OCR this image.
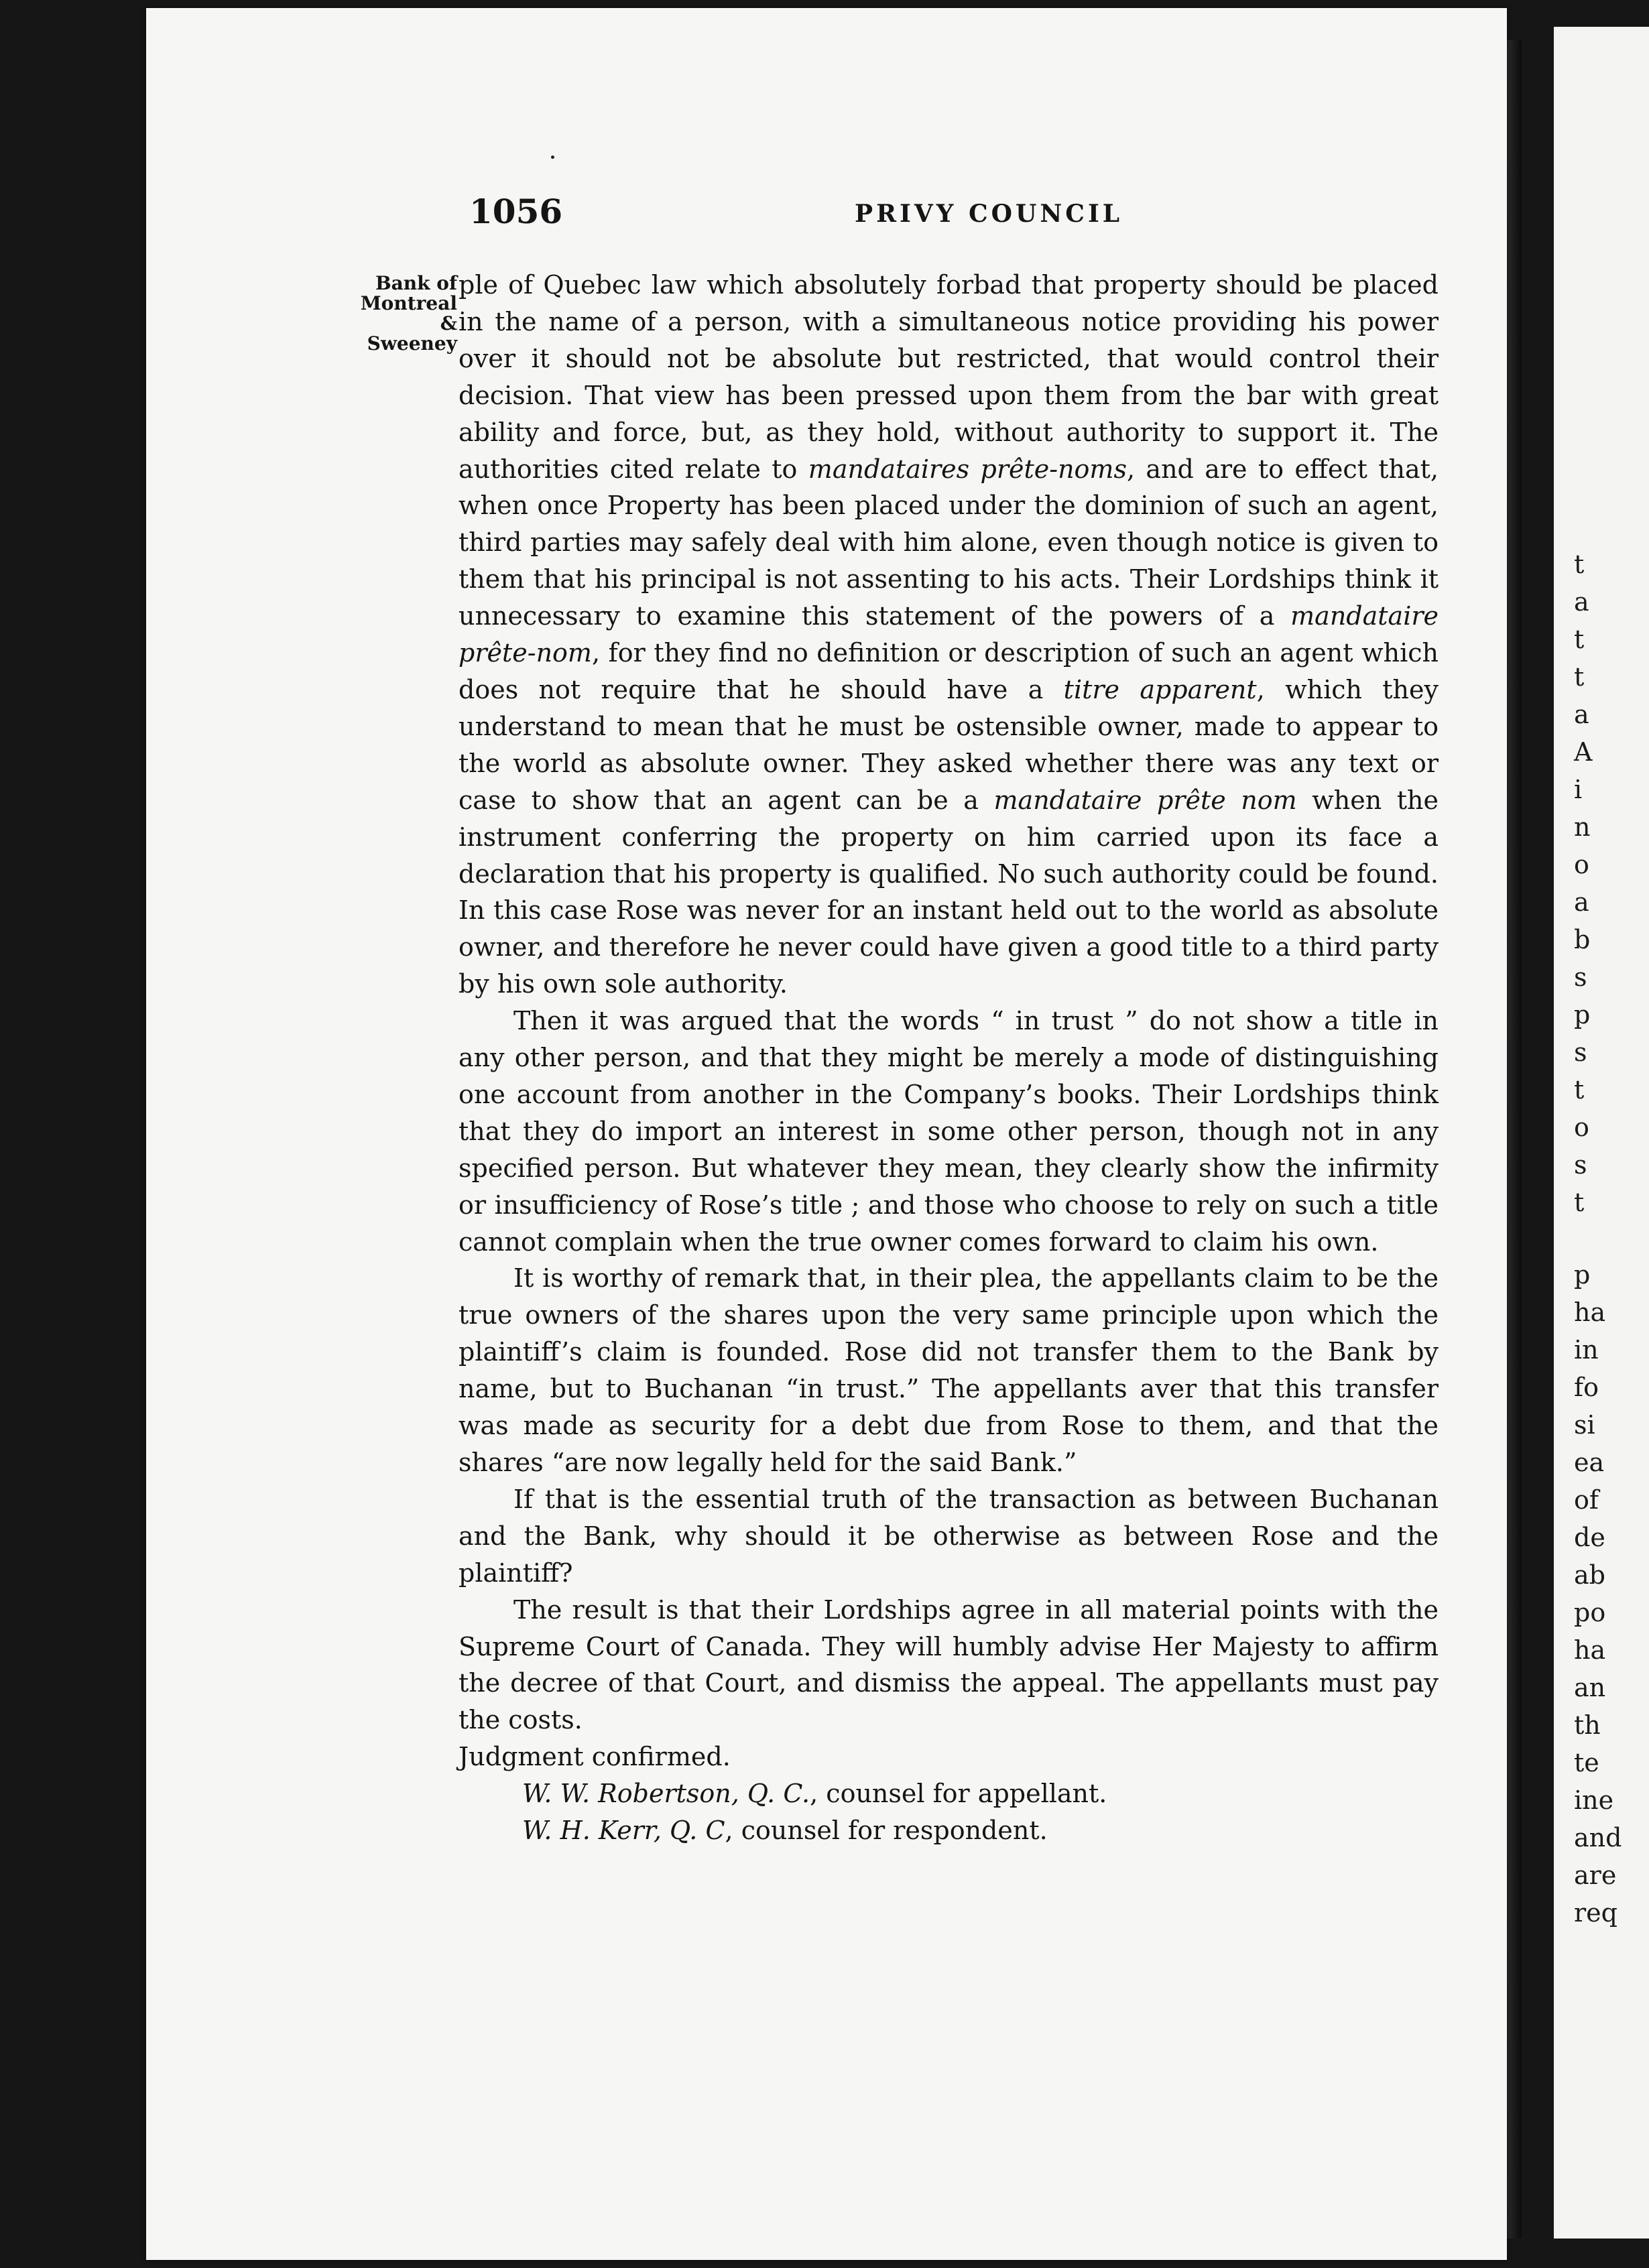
t
a
t
t
a
A
i
n
o
a
b
s
p
s
t
o
s
t
p
ha
in
fo
si
ea
of
de
ab
po
ha
an
th
te
ine
and
are
req
1056	PRIVY COUNCIL
Bank of
Montreal
&
Sweeney

ple of Quebec law which absolutely forbad that property should be placed in the name of a person, with a simultaneous notice providing his power over it should not be absolute but restricted, that would control their decision. That view has been pressed upon them from the bar with great ability and force, but, as they hold, without authority to support it. The authorities cited relate to mandataires prête-noms, and are to effect that, when once Property has been placed under the dominion of such an agent, third parties may safely deal with him alone, even though notice is given to them that his principal is not assenting to his acts. Their Lordships think it unnecessary to examine this statement of the powers of a mandataire prête-nom, for they find no definition or description of such an agent which does not require that he should have a titre apparent, which they understand to mean that he must be ostensible owner, made to appear to the world as absolute owner. They asked whether there was any text or case to show that an agent can be a mandataire prête nom when the instrument conferring the property on him carried upon its face a declaration that his property is qualified. No such authority could be found. In this case Rose was never for an instant held out to the world as absolute owner, and therefore he never could have given a good title to a third party by his own sole authority.

Then it was argued that the words “ in trust ” do not show a title in any other person, and that they might be merely a mode of distinguishing one account from another in the Company’s books. Their Lordships think that they do import an interest in some other person, though not in any specified person. But whatever they mean, they clearly show the infirmity or insufficiency of Rose’s title ; and those who choose to rely on such a title cannot complain when the true owner comes forward to claim his own.

It is worthy of remark that, in their plea, the appellants claim to be the true owners of the shares upon the very same principle upon which the plaintiff’s claim is founded. Rose did not transfer them to the Bank by name, but to Buchanan “in trust.” The appellants aver that this transfer was made as security for a debt due from Rose to them, and that the shares “are now legally held for the said Bank.”

If that is the essential truth of the transaction as between Buchanan and the Bank, why should it be otherwise as between Rose and the plaintiff?

The result is that their Lordships agree in all material points with the Supreme Court of Canada. They will humbly advise Her Majesty to affirm the decree of that Court, and dismiss the appeal. The appellants must pay the costs.

Judgment confirmed.

W. W. Robertson, Q. C., counsel for appellant.

W. H. Kerr, Q. C, counsel for respondent.
